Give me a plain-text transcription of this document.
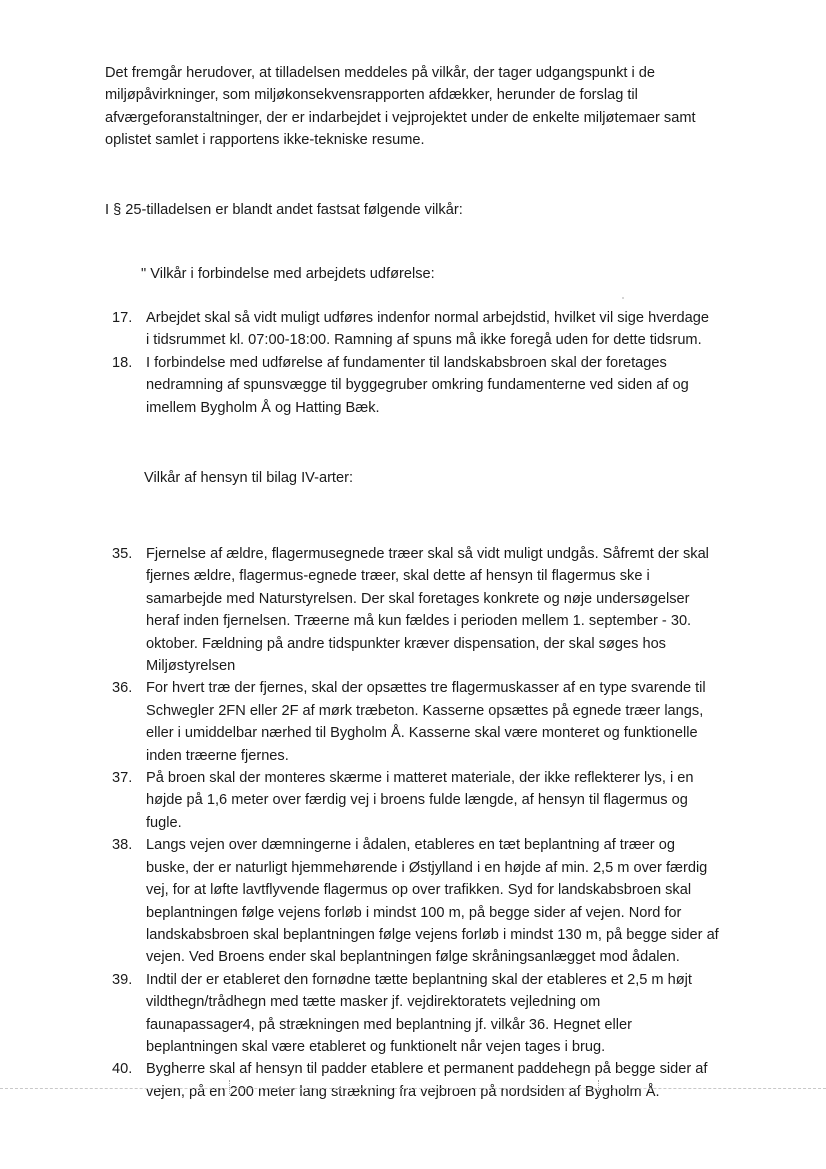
Det fremgår herudover, at tilladelsen meddeles på vilkår, der tager udgangspunkt i de
miljøpåvirkninger, som miljøkonsekvensrapporten afdækker, herunder de forslag til
afværgeforanstaltninger, der er indarbejdet i vejprojektet under de enkelte miljøtemaer samt
oplistet samlet i rapportens ikke-tekniske resume.
I § 25-tilladelsen er blandt andet fastsat følgende vilkår:
" Vilkår i forbindelse med arbejdets udførelse:
17. Arbejdet skal så vidt muligt udføres indenfor normal arbejdstid, hvilket vil sige hverdage
i tidsrummet kl. 07:00-18:00. Ramning af spuns må ikke foregå uden for dette tidsrum.
18. I forbindelse med udførelse af fundamenter til landskabsbroen skal der foretages
nedramning af spunsvægge til byggegruber omkring fundamenterne ved siden af og
imellem Bygholm Å og Hatting Bæk.
Vilkår af hensyn til bilag IV-arter:
35. Fjernelse af ældre, flagermusegnede træer skal så vidt muligt undgås. Såfremt der skal
fjernes ældre, flagermus-egnede træer, skal dette af hensyn til flagermus ske i
samarbejde med Naturstyrelsen. Der skal foretages konkrete og nøje undersøgelser
heraf inden fjernelsen. Træerne må kun fældes i perioden mellem 1. september - 30.
oktober. Fældning på andre tidspunkter kræver dispensation, der skal søges hos
Miljøstyrelsen
36. For hvert træ der fjernes, skal der opsættes tre flagermuskasser af en type svarende til
Schwegler 2FN eller 2F af mørk træbeton. Kasserne opsættes på egnede træer langs,
eller i umiddelbar nærhed til Bygholm Å. Kasserne skal være monteret og funktionelle
inden træerne fjernes.
37. På broen skal der monteres skærme i matteret materiale, der ikke reflekterer lys, i en
højde på 1,6 meter over færdig vej i broens fulde længde, af hensyn til flagermus og
fugle.
38. Langs vejen over dæmningerne i ådalen, etableres en tæt beplantning af træer og
buske, der er naturligt hjemmehørende i Østjylland i en højde af min. 2,5 m over færdig
vej, for at løfte lavtflyvende flagermus op over trafikken. Syd for landskabsbroen skal
beplantningen følge vejens forløb i mindst 100 m, på begge sider af vejen. Nord for
landskabsbroen skal beplantningen følge vejens forløb i mindst 130 m, på begge sider af
vejen. Ved Broens ender skal beplantningen følge skråningsanlægget mod ådalen.
39. Indtil der er etableret den fornødne tætte beplantning skal der etableres et 2,5 m højt
vildthegn/trådhegn med tætte masker jf. vejdirektoratets vejledning om
faunapassager4, på strækningen med beplantning jf. vilkår 36. Hegnet eller
beplantningen skal være etableret og funktionelt når vejen tages i brug.
40. Bygherre skal af hensyn til padder etablere et permanent paddehegn på begge sider af
vejen, på en 200 meter lang strækning fra vejbroen på nordsiden af Bygholm Å.
